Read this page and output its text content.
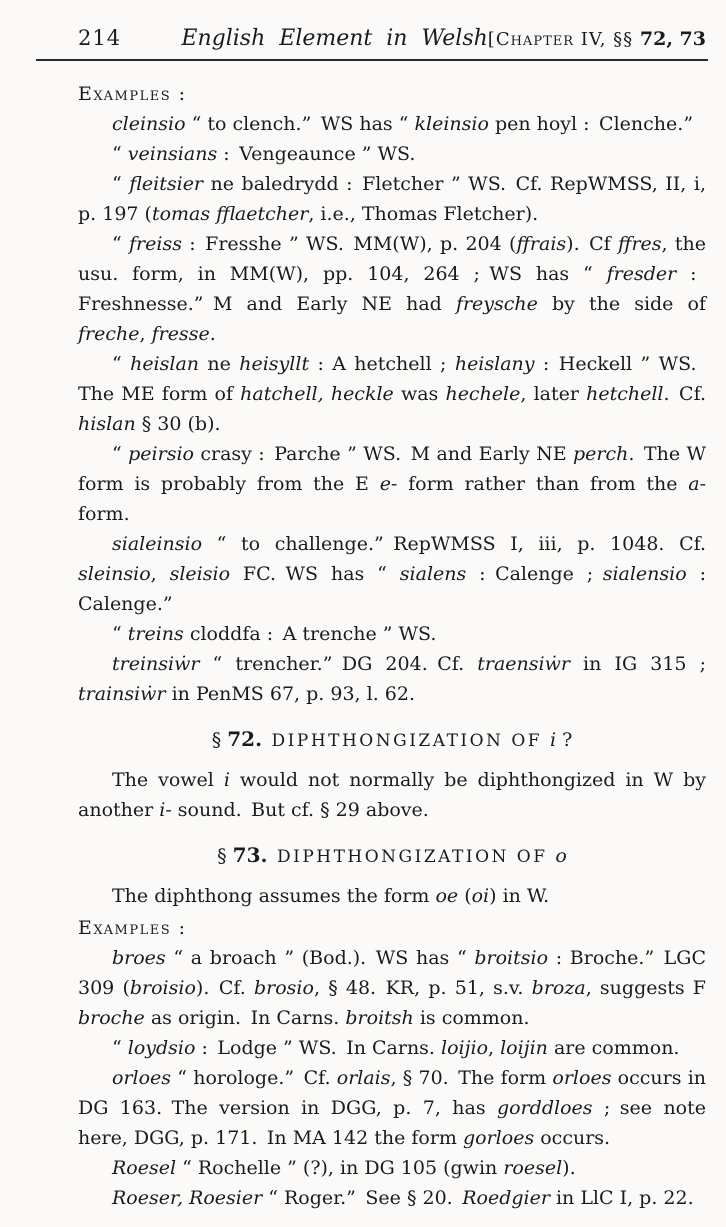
214	English Element in Welsh [Chapter IV, §§ 72, 73

Examples :

cleinsio “ to clench.” WS has “ kleinsio pen hoyl : Clenche.”

“ veinsians : Vengeaunce ” WS.

“ fleitsier ne baledrydd : Fletcher ” WS. Cf. RepWMSS, II, i, p. 197 (tomas fflaetcher, i.e., Thomas Fletcher).

“ freiss : Fresshe ” WS. MM(W), p. 204 (ffrais). Cf ffres, the usu. form, in MM(W), pp. 104, 264 ; WS has “ fresder : Freshnesse.” M and Early NE had freysche by the side of freche, fresse.

“ heislan ne heisyllt : A hetchell ; heislany : Heckell ” WS. The ME form of hatchell, heckle was hechele, later hetchell. Cf. hislan § 30 (b).

“ peirsio crasy : Parche ” WS. M and Early NE perch. The W form is probably from the E e- form rather than from the a- form.

sialeinsio “ to challenge.” RepWMSS I, iii, p. 1048. Cf. sleinsio, sleisio FC. WS has “ sialens : Calenge ; sialensio : Calenge.”

“ treins cloddfa : A trenche ” WS.

treinsiẇr “ trencher.” DG 204. Cf. traensiẇr in IG 315 ; trainsiẇr in PenMS 67, p. 93, l. 62.

§ 72.  DIPHTHONGIZATION OF i ?

The vowel i would not normally be diphthongized in W by another i- sound. But cf. § 29 above.

§ 73.  DIPHTHONGIZATION OF o

The diphthong assumes the form oe (oi) in W.

Examples :

broes “ a broach ” (Bod.). WS has “ broitsio : Broche.” LGC 309 (broisio). Cf. brosio, § 48. KR, p. 51, s.v. broza, suggests F broche as origin. In Carns. broitsh is common.

“ loydsio : Lodge ” WS. In Carns. loijio, loijin are common.

orloes “ horologe.” Cf. orlais, § 70. The form orloes occurs in DG 163. The version in DGG, p. 7, has gorddloes ; see note here, DGG, p. 171. In MA 142 the form gorloes occurs.

Roesel “ Rochelle ” (?), in DG 105 (gwin roesel).

Roeser, Roesier “ Roger.” See § 20. Roedgier in LlC I, p. 22.
